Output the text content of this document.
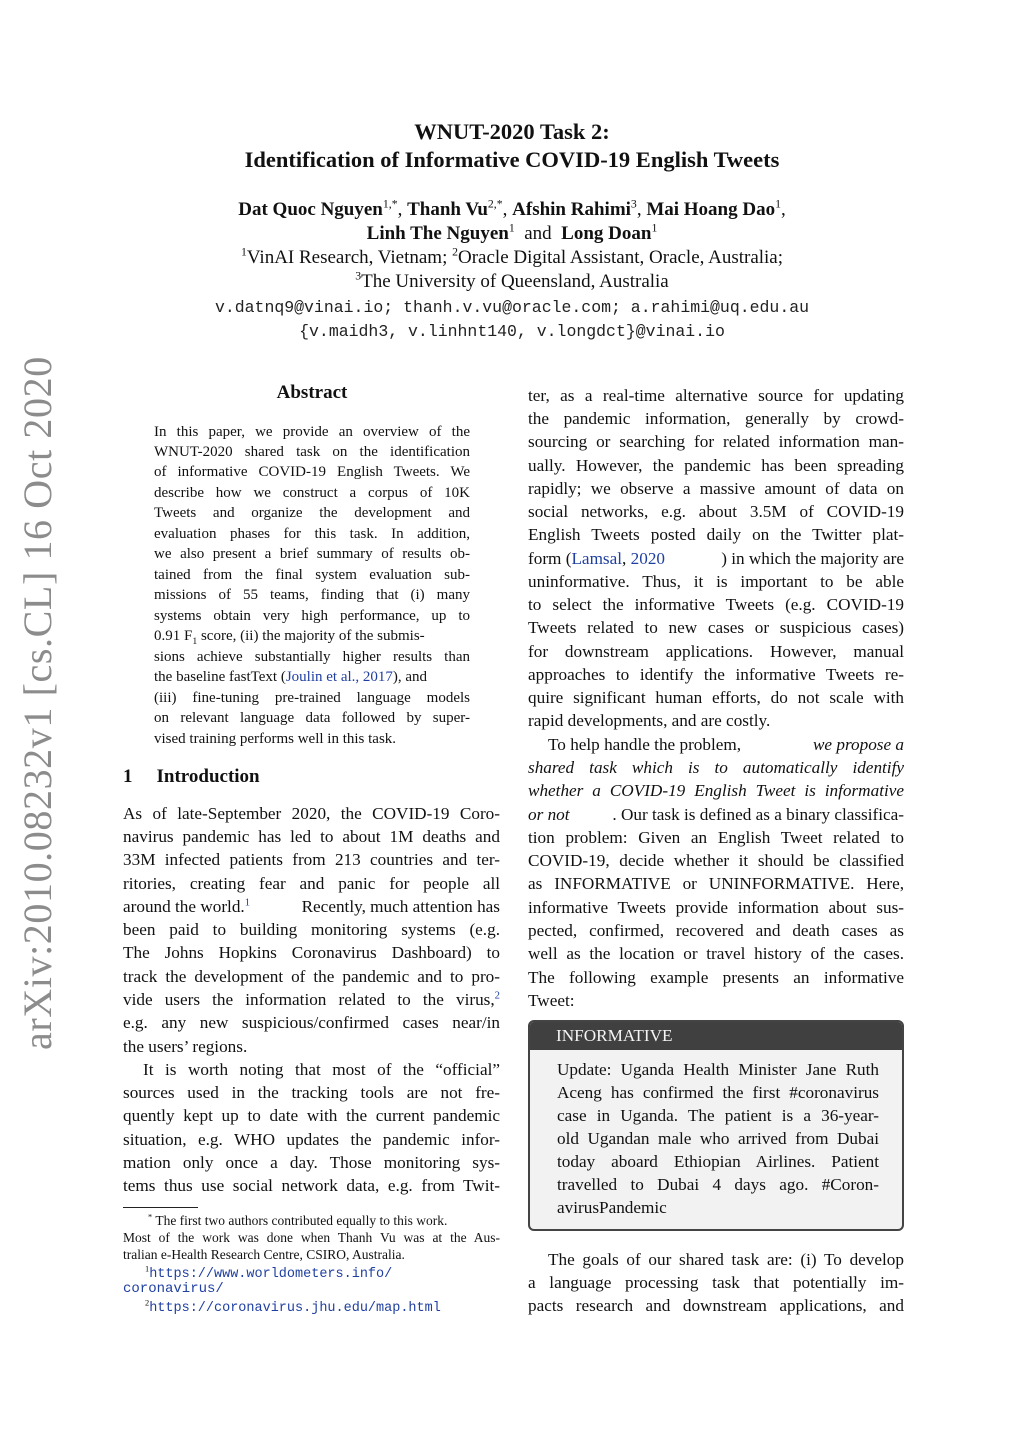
arXiv:2010.08232v1 [cs.CL] 16 Oct 2020
WNUT-2020 Task 2:
Identification of Informative COVID-19 English Tweets
Dat Quoc Nguyen$^{1,*}$, Thanh $Vu^{2,*}$, Afshin Rahimi$^3$, Mai Hoang Dao$^1$,
Linh The Nguyen$^1$ and Long Doan$^1$
$^1$VinAI Research, Vietnam; $^2$Oracle Digital Assistant, Oracle, Australia;
$^3$The University of Queensland, Australia
v.datnq9@vinai.io; thanh.v.vu@oracle.com; a.rahimi@uq.edu.au
{v.maidh3, v.linhnt140, v.longdct}@vinai.io
Abstract
In this paper, we provide an overview of the
WNUT-2020 shared task on the identification
of informative COVID-19 English Tweets. We
describe how we construct a corpus of 10K
Tweets and organize the development and
evaluation phases for this task. In addition,
we also present a brief summary of results ob-
tained from the final system evaluation sub-
missions of 55 teams, finding that (i) many
systems obtain very high performance, up to
0.91 $F_1$ score, (ii) the majority of the submis-
sions achieve substantially higher results than
the baseline fastText (Joulin et al., 2017), and
(iii) fine-tuning pre-trained language models
on relevant language data followed by super-
vised training performs well in this task.
1 Introduction
As of late-September 2020, the COVID-19 Coro-
navirus pandemic has led to about 1M deaths and
33M infected patients from 213 countries and ter-
ritories, creating fear and panic for people all
around the world.$^1$	Recently, much attention has
been paid to building monitoring systems (e.g.
The Johns Hopkins Coronavirus Dashboard) to
track the development of the pandemic and to pro-
vide users the information related to the virus,$^2$
e.g. any new suspicious/confirmed cases near/in
the users’ regions.
It is worth noting that most of the “official”
sources used in the tracking tools are not fre-
quently kept up to date with the current pandemic
situation, e.g. WHO updates the pandemic infor-
mation only once a day. Those monitoring sys-
tems thus use social network data, e.g. from Twit-
* The first two authors contributed equally to this work.
Most of the work was done when Thanh Vu was at the Aus-
tralian e-Health Research Centre, CSIRO, Australia.
$^1$https://www.worldometers.info/
coronavirus/
$^2$https://coronavirus.jhu.edu/map.html
ter, as a real-time alternative source for updating
the pandemic information, generally by crowd-
sourcing or searching for related information man-
ually. However, the pandemic has been spreading
rapidly; we observe a massive amount of data on
social networks, e.g. about 3.5M of COVID-19
English Tweets posted daily on the Twitter plat-
form (Lamsal, 2020	) in which the majority are
uninformative. Thus, it is important to be able
to select the informative Tweets (e.g. COVID-19
Tweets related to new cases or suspicious cases)
for downstream applications. However, manual
approaches to identify the informative Tweets re-
quire significant human efforts, do not scale with
rapid developments, and are costly.
To help handle the problem,	we propose a
shared task which is to automatically identify
whether a COVID-19 English Tweet is informative
or not . Our task is defined as a binary classifica-
tion problem: Given an English Tweet related to
COVID-19, decide whether it should be classified
as INFORMATIVE or UNINFORMATIVE. Here,
informative Tweets provide information about sus-
pected, confirmed, recovered and death cases as
well as the location or travel history of the cases.
The following example presents an informative
Tweet:
INFORMATIVE
Update: Uganda Health Minister Jane Ruth
Aceng has confirmed the first #coronavirus
case in Uganda. The patient is a 36-year-
old Ugandan male who arrived from Dubai
today aboard Ethiopian Airlines. Patient
travelled to Dubai 4 days ago. #Coron-
avirusPandemic
The goals of our shared task are: (i) To develop
a language processing task that potentially im-
pacts research and downstream applications, and
